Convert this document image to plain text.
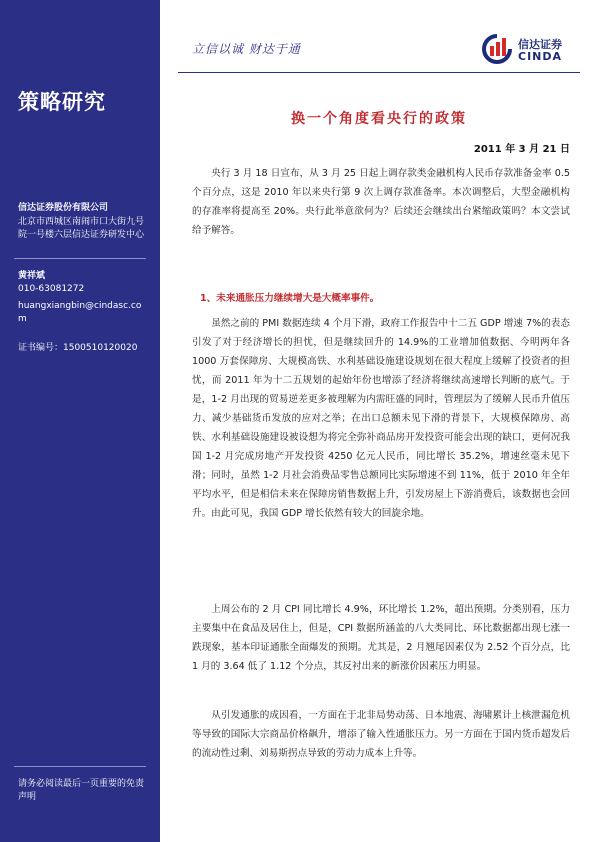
策略研究
信达证券股份有限公司
北京市西城区南闹市口大街九号院一号楼六层信达证券研发中心
黄祥斌
010-63081272
huangxiangbin@cindasc.com
证书编号：1500510120020
请务必阅读最后一页重要的免责声明
立信以诚 财达于通	信达证券
CINDA
换一个角度看央行的政策
2011 年 3 月 21 日
央行 3 月 18 日宣布，从 3 月 25 日起上调存款类金融机构人民币存款准备金率 0.5 个百分点，这是 2010 年以来央行第 9 次上调存款准备率。本次调整后，大型金融机构的存准率将提高至 20%。央行此举意欲何为？后续还会继续出台紧缩政策吗？本文尝试给予解答。
1、未来通胀压力继续增大是大概率事件。
虽然之前的 PMI 数据连续 4 个月下滑，政府工作报告中十二五 GDP 增速 7%的表态引发了对于经济增长的担忧，但是继续回升的 14.9%的工业增加值数据、今明两年各 1000 万套保障房、大规模高铁、水利基础设施建设规划在很大程度上缓解了投资者的担忧，而 2011 年为十二五规划的起始年份也增添了经济将继续高速增长判断的底气。于是，1-2 月出现的贸易逆差更多被理解为内需旺盛的同时，管理层为了缓解人民币升值压力、减少基础货币发放的应对之举；在出口总额未见下滑的背景下，大规模保障房、高铁、水利基础设施建设被设想为将完全弥补商品房开发投资可能会出现的缺口，更何况我国 1-2 月完成房地产开发投资 4250 亿元人民币，同比增长 35.2%，增速丝毫未见下滑；同时，虽然 1-2 月社会消费品零售总额同比实际增速不到 11%，低于 2010 年全年平均水平，但是相信未来在保障房销售数据上升，引发房屋上下游消费后，该数据也会回升。由此可见，我国 GDP 增长依然有较大的回旋余地。
上周公布的 2 月 CPI 同比增长 4.9%，环比增长 1.2%，超出预期。分类别看，压力主要集中在食品及居住上，但是，CPI 数据所涵盖的八大类同比、环比数据都出现七涨一跌现象，基本印证通胀全面爆发的预期。尤其是，2 月翘尾因素仅为 2.52 个百分点，比 1 月的 3.64 低了 1.12 个分点，其反衬出来的新涨价因素压力明显。
从引发通胀的成因看，一方面在于北非局势动荡、日本地震、海啸累计上核泄漏危机等导致的国际大宗商品价格飙升，增添了输入性通胀压力。另一方面在于国内货币超发后的流动性过剩、刘易斯拐点导致的劳动力成本上升等。
